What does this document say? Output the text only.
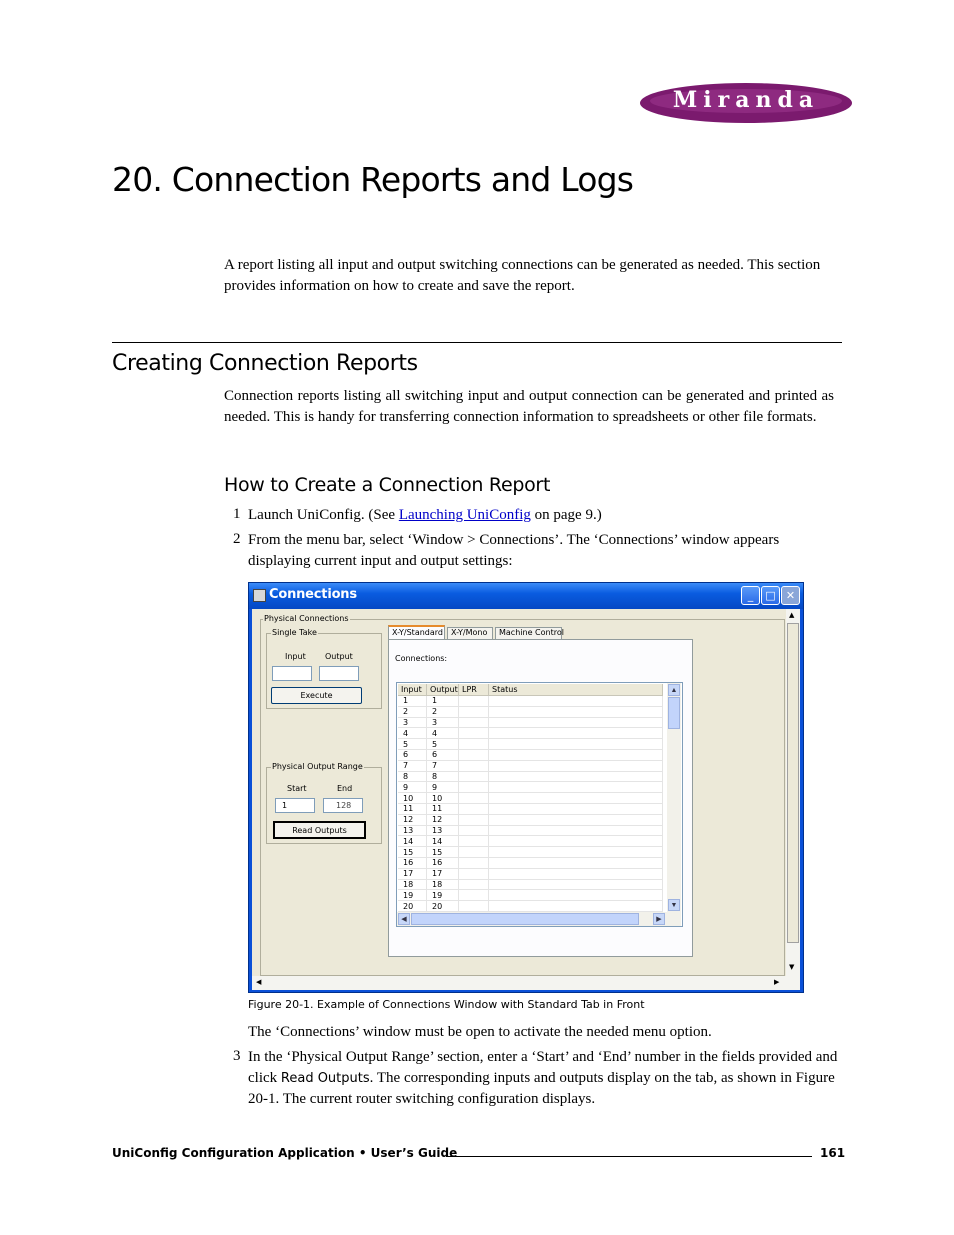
Miranda
20. Connection Reports and Logs
A report listing all input and output switching connections can be generated as needed. This section provides information on how to create and save the report.
Creating Connection Reports
Connection reports listing all switching input and output connection can be generated and printed as needed. This is handy for transferring connection information to spreadsheets or other file formats.
How to Create a Connection Report
1 Launch UniConfig. (See Launching UniConfig on page 9.)
2 From the menu bar, select ‘Window > Connections’. The ‘Connections’ window appears displaying current input and output settings:
Connections	_	□ ✕
Physical Connections
Single Take
Input Output
Execute
Physical Output Range
Start	End
1	128
Read Outputs
X-Y/Standard	X-Y/Mono	Machine Control
Connections:
Input	Output	LPR	Status
1	1		
2	2		
3	3		
4	4		
5	5		
6	6		
7	7		
8	8		
9	9		
10	10		
11	11		
12	12		
13	13		
14	14		
15	15		
16	16		
17	17		
18	18		
19	19		
20	20		
▲
▼
◀	▶
▲
▼
◀	▶
Figure 20-1. Example of Connections Window with Standard Tab in Front
The ‘Connections’ window must be open to activate the needed menu option.
3 In the ‘Physical Output Range’ section, enter a ‘Start’ and ‘End’ number in the fields provided and click Read Outputs. The corresponding inputs and outputs display on the tab, as shown in Figure 20-1. The current router switching configuration displays.
UniConfig Configuration Application • User’s Guide	161
